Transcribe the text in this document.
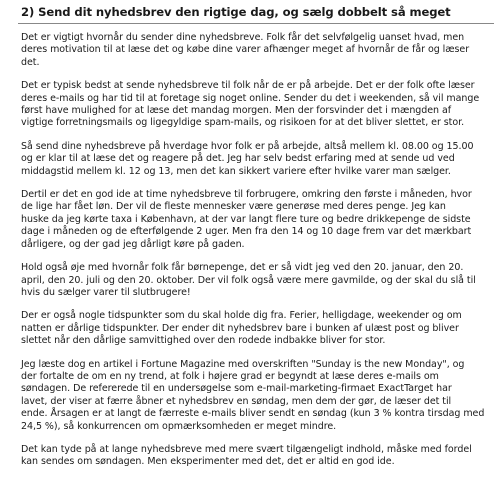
2) Send dit nyhedsbrev den rigtige dag, og sælg dobbelt så meget
Det er vigtigt hvornår du sender dine nyhedsbreve. Folk får det selvfølgelig uanset hvad, men
deres motivation til at læse det og købe dine varer afhænger meget af hvornår de får og læser
det.
Det er typisk bedst at sende nyhedsbreve til folk når de er på arbejde. Det er der folk ofte læser
deres e-mails og har tid til at foretage sig noget online. Sender du det i weekenden, så vil mange
først have mulighed for at læse det mandag morgen. Men der forsvinder det i mængden af
vigtige forretningsmails og ligegyldige spam-mails, og risikoen for at det bliver slettet, er stor.
Så send dine nyhedsbreve på hverdage hvor folk er på arbejde, altså mellem kl. 08.00 og 15.00
og er klar til at læse det og reagere på det. Jeg har selv bedst erfaring med at sende ud ved
middagstid mellem kl. 12 og 13, men det kan sikkert variere efter hvilke varer man sælger.
Dertil er det en god ide at time nyhedsbreve til forbrugere, omkring den første i måneden, hvor
de lige har fået løn. Der vil de fleste mennesker være generøse med deres penge. Jeg kan
huske da jeg kørte taxa i København, at der var langt flere ture og bedre drikkepenge de sidste
dage i måneden og de efterfølgende 2 uger. Men fra den 14 og 10 dage frem var det mærkbart
dårligere, og der gad jeg dårligt køre på gaden.
Hold også øje med hvornår folk får børnepenge, det er så vidt jeg ved den 20. januar, den 20.
april, den 20. juli og den 20. oktober. Der vil folk også være mere gavmilde, og der skal du slå til
hvis du sælger varer til slutbrugere!
Der er også nogle tidspunkter som du skal holde dig fra. Ferier, helligdage, weekender og om
natten er dårlige tidspunkter. Der ender dit nyhedsbrev bare i bunken af ulæst post og bliver
slettet når den dårlige samvittighed over den rodede indbakke bliver for stor.
Jeg læste dog en artikel i Fortune Magazine med overskriften "Sunday is the new Monday", og
der fortalte de om en ny trend, at folk i højere grad er begyndt at læse deres e-mails om
søndagen. De refererede til en undersøgelse som e-mail-marketing-firmaet ExactTarget har
lavet, der viser at færre åbner et nyhedsbrev en søndag, men dem der gør, de læser det til
ende. Årsagen er at langt de færreste e-mails bliver sendt en søndag (kun 3 % kontra tirsdag med
24,5 %), så konkurrencen om opmærksomheden er meget mindre.
Det kan tyde på at lange nyhedsbreve med mere svært tilgængeligt indhold, måske med fordel
kan sendes om søndagen. Men eksperimenter med det, det er altid en god ide.
